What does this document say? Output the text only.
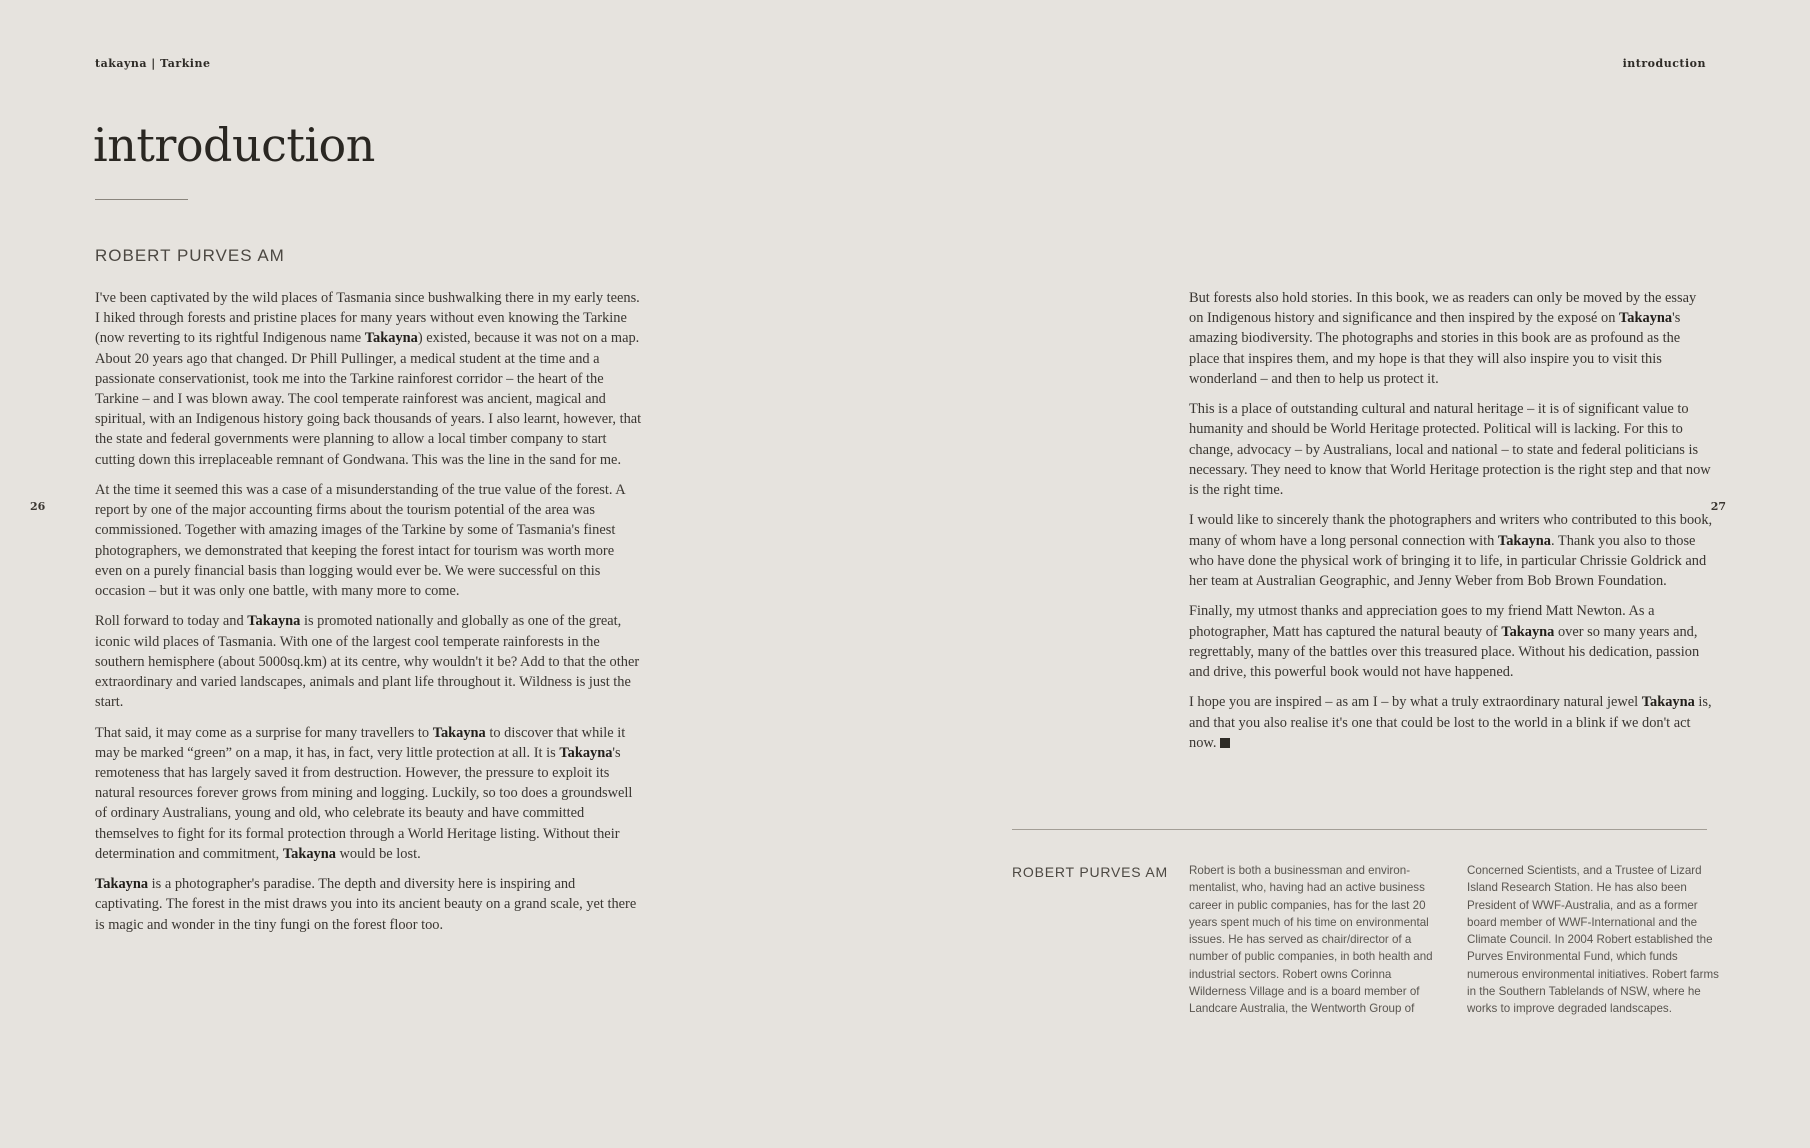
takayna | Tarkine	introduction

26	27
introduction
ROBERT PURVES AM

I've been captivated by the wild places of Tasmania since bushwalking there in my early teens. I hiked through forests and pristine places for many years without even knowing the Tarkine (now reverting to its rightful Indigenous name Takayna) existed, because it was not on a map. About 20 years ago that changed. Dr Phill Pullinger, a medical student at the time and a passionate conservationist, took me into the Tarkine rainforest corridor – the heart of the Tarkine – and I was blown away. The cool temperate rainforest was ancient, magical and spiritual, with an Indigenous history going back thousands of years. I also learnt, however, that the state and federal governments were planning to allow a local timber company to start cutting down this irreplaceable remnant of Gondwana. This was the line in the sand for me.

At the time it seemed this was a case of a misunderstanding of the true value of the forest. A report by one of the major accounting firms about the tourism potential of the area was commissioned. Together with amazing images of the Tarkine by some of Tasmania's finest photographers, we demonstrated that keeping the forest intact for tourism was worth more even on a purely financial basis than logging would ever be. We were successful on this occasion – but it was only one battle, with many more to come.

Roll forward to today and Takayna is promoted nationally and globally as one of the great, iconic wild places of Tasmania. With one of the largest cool temperate rainforests in the southern hemisphere (about 5000sq.km) at its centre, why wouldn't it be? Add to that the other extraordinary and varied landscapes, animals and plant life throughout it. Wildness is just the start.

That said, it may come as a surprise for many travellers to Takayna to discover that while it may be marked “green” on a map, it has, in fact, very little protection at all. It is Takayna's remoteness that has largely saved it from destruction. However, the pressure to exploit its natural resources forever grows from mining and logging. Luckily, so too does a groundswell of ordinary Australians, young and old, who celebrate its beauty and have committed themselves to fight for its formal protection through a World Heritage listing. Without their determination and commitment, Takayna would be lost.

Takayna is a photographer's paradise. The depth and diversity here is inspiring and captivating. The forest in the mist draws you into its ancient beauty on a grand scale, yet there is magic and wonder in the tiny fungi on the forest floor too.

But forests also hold stories. In this book, we as readers can only be moved by the essay on Indigenous history and significance and then inspired by the exposé on Takayna's amazing biodiversity. The photographs and stories in this book are as profound as the place that inspires them, and my hope is that they will also inspire you to visit this wonderland – and then to help us protect it.

This is a place of outstanding cultural and natural heritage – it is of significant value to humanity and should be World Heritage protected. Political will is lacking. For this to change, advocacy – by Australians, local and national – to state and federal politicians is necessary. They need to know that World Heritage protection is the right step and that now is the right time.

I would like to sincerely thank the photographers and writers who contributed to this book, many of whom have a long personal connection with Takayna. Thank you also to those who have done the physical work of bringing it to life, in particular Chrissie Goldrick and her team at Australian Geographic, and Jenny Weber from Bob Brown Foundation.

Finally, my utmost thanks and appreciation goes to my friend Matt Newton. As a photographer, Matt has captured the natural beauty of Takayna over so many years and, regrettably, many of the battles over this treasured place. Without his dedication, passion and drive, this powerful book would not have happened.

I hope you are inspired – as am I – by what a truly extraordinary natural jewel Takayna is, and that you also realise it's one that could be lost to the world in a blink if we don't act now.

ROBERT PURVES AM Robert is both a businessman and environ-mentalist, who, having had an active business career in public companies, has for the last 20 years spent much of his time on environmental issues. He has served as chair/director of a number of public companies, in both health and industrial sectors. Robert owns Corinna Wilderness Village and is a board member of Landcare Australia, the Wentworth Group of

Concerned Scientists, and a Trustee of Lizard Island Research Station. He has also been President of WWF-Australia, and as a former board member of WWF-International and the Climate Council. In 2004 Robert established the Purves Environmental Fund, which funds numerous environmental initiatives. Robert farms in the Southern Tablelands of NSW, where he works to improve degraded landscapes.
